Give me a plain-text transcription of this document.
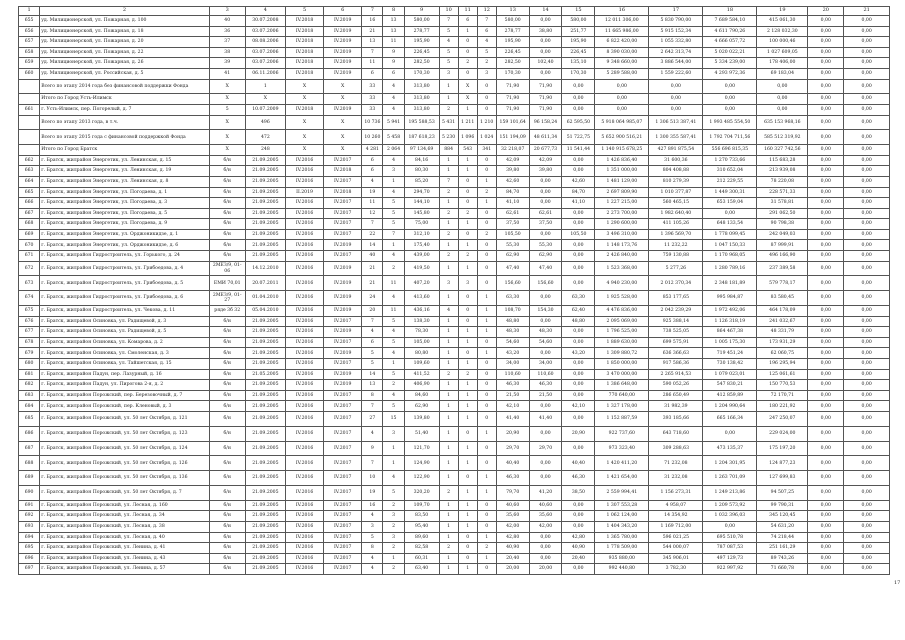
1	2	3	4	5	6	7	8	9	10	11	12	13	14	15	16	17	18	19	20	21
655	уд. Милиционерской, ул. Пожарная, д. 100	40	30.07.2008	IV.2018	IV.2019	16	13	580,00	7	6	7	580,00	0,00	580,00	12 011 306,00	5 830 790,00	7 689 584,10	415 061,30	0,00	0,00
656	уд. Милиционерской, ул. Пожарная, д. 18	36	03.07.2006	IV.2018	IV.2019	21	13	278,77	5	1	6	278,77	38,80	251,77	11 665 986,00	5 915 152,34	4 611 790,26	2 128 032,30	0,00	0,00
657	уд. Милиционерской, ул. Пожарная, д. 20	37	08.08.2006	IV.2018	IV.2019	13	11	195,90	4	0	4	195,90	0,00	195,90	6 822 420,00	1 055 332,80	4 666 057,72	100 000,46	0,00	0,00
658	уд. Милиционерской, ул. Пожарная, д. 22	38	03.07.2006	IV.2018	IV.2019	7	9	226,45	5	0	5	226,45	0,00	226,45	8 390 030,00	2 642 313,74	5 020 022,21	1 027 609,05	0,00	0,00
659	уд. Милиционерской, ул. Пожарная, д. 26	39	03.07.2006	IV.2018	IV.2019	11	9	282,50	5	2	2	282,50	102,40	135,10	9 348 660,00	3 886 544,00	5 334 239,00	178 406,00	0,00	0,00
660	уд. Милиционерской, ул. Российская, д. 5	41	06.11.2006	IV.2018	IV.2019	6	6	170,30	3	0	3	170,30	0,00	170,30	5 289 588,00	1 559 222,60	4 293 972,36	69 183,04	0,00	0,00
	Всего по этапу 2014 года без финансовой поддержки Фонда	X	1	X	X	33	4	313,80	1	X	0	71,90	71,90	0,00	0,00	0,00	0,00	0,00	0,00	0,00
	Итого по Город Усть-Илимск	X	X	X	X	33	4	313,80	1	X	0	71,90	71,90	0,00	0,00	0,00	0,00	0,00	0,00	0,00
661	г. Усть-Илимск, пер. Погорелый, д. 7	5	10.07.2009	IV.2018	IV.2019	33	4	313,80	2	1	0	71,90	71,90	0,00	0,00	0,00	0,00	0,00	0,00	0,00
	Всего по этапу 2013 года, в т.ч.	X	496	X	X	10 736	5 941	195 588,53	5 431	1 211	1 210	159 101,64	96 158,24	62 595,50	5 918 064 985,07	1 306 513 387,41	1 993 485 554,50	635 153 968,16	0,00	0,00
	Всего по этапу 2015 года с финансовой поддержкой Фонда	X	472	X	X	10 260	5 458	187 618,23	5 230	1 096	1 024	151 194,09	48 611,34	51 722,75	5 652 900 516,21	1 300 355 587,41	1 792 704 711,56	585 512 319,92	0,00	0,00
	Итого по Город Братск	X	248	X	X	4 281	2 064	97 134,69	884	543	341	32 218,07	20 677,73	11 541,44	1 140 915 678,25	427 891 875,54	556 696 815,35	160 327 742,56	0,00	0,00
662	г. Братск, жилрайон Энергетик, ул. Ленинская, д. 15	б/н	21.09.2005	IV.2016	IV.2017	6	4	84,16	1	1	0	42,09	42,09	0,00	1 426 836,40	31 600,36	1 270 733,66	115 683,28	0,00	0,00
663	г. Братск, жилрайон Энергетик, ул. Ленинская, д. 19	б/н	21.09.2005	IV.2016	IV.2018	6	3	80,30	1	1	0	39,80	39,80	0,00	1 351 000,00	804 408,88	310 652,04	213 939,08	0,00	0,00
664	г. Братск, жилрайон Энергетик, ул. Ленинская, д. 8	б/н	21.09.2005	IV.2016	IV.2017	4	1	85,20	7	0	1	42,60	0,00	42,60	1 481 129,00	810 279,39	212 229,55	78 220,08	0,00	0,00
665	г. Братск, жилрайон Энергетик, ул. Погодаева, д. 1	б/н	21.09.2005	II.2019	IV.2018	19	4	294,70	2	0	2	84,70	0,00	84,70	2 697 809,90	1 010 377,87	1 449 300,31	228 571,33	0,00	0,00
666	г. Братск, жилрайон Энергетик, ул. Погодаева, д. 3	б/н	21.09.2005	IV.2016	IV.2017	11	5	144,10	1	0	1	41,10	0,00	41,10	1 227 215,00	560 465,15	653 159,04	31 578,81	0,00	0,00
667	г. Братск, жилрайон Энергетик, ул. Погодаева, д. 5	б/н	21.09.2005	IV.2016	IV.2017	12	5	145,80	2	2	0	62,61	62,61	0,00	2 273 700,00	1 982 640,40	0,00	291 062,50	0,00	0,00
668	г. Братск, жилрайон Энергетик, ул. Погодаева, д. 9	б/н	21.09.2005	IV.2016	IV.2017	7	5	75,00	1	1	0	37,50	37,50	0,00	1 290 600,00	411 105,26	648 133,54	90 798,38	0,00	0,00
669	г. Братск, жилрайон Энергетик, ул. Орджоникидзе, д. 1	б/н	21.09.2005	IV.2016	IV.2017	22	7	312,10	2	0	2	105,50	0,00	105,50	3 496 310,00	1 396 569,70	1 778 099,45	242 049,03	0,00	0,00
670	г. Братск, жилрайон Энергетик, ул. Орджоникидзе, д. 6	б/н	21.09.2005	IV.2016	IV.2019	14	1	175,40	1	1	0	55,30	55,30	0,00	1 148 173,76	11 232,22	1 047 150,33	87 999,91	0,00	0,00
671	г. Братск, жилрайон Гидростроитель, ул. Горького, д. 24	б/н	21.09.2005	IV.2016	IV.2017	40	4	439,00	2	2	0	62,90	62,90	0,00	2 426 840,00	759 130,88	1 170 968,05	496 166,90	0,00	0,00
672	г. Братск, жилрайон Гидростроитель, ул. Грибоедова, д. 4	2МЕЗ/9, 01-06	14.12.2010	IV.2016	IV.2019	21	2	419,50	1	1	0	47,40	47,40	0,00	1 523 368,00	5 277,26	1 280 789,16	237 389,58	0,00	0,00
673	г. Братск, жилрайон Гидростроитель, ул. Грибоедова, д. 5	ЕМИ 70,01	20.07.2011	IV.2016	IV.2019	21	11	407,20	3	3	0	156,60	156,60	0,00	4 940 230,00	2 012 370,34	2 348 181,89	579 778,17	0,00	0,00
674	г. Братск, жилрайон Гидростроитель, ул. Грибоедова, д. 6	2МЕЗ/9, 01-27	01.04.2010	IV.2016	IV.2019	24	4	413,60	1	0	1	63,30	0,00	63,30	1 925 528,00	853 177,65	995 984,87	83 580,45	0,00	0,00
675	г. Братск, жилрайон Гидростроитель, ул. Чекова, д. 11	ряде 3б 32	05.04.2010	IV.2016	IV.2019	20	11	436,16	4	0	1	108,70	154,30	62,40	4 476 836,00	2 042 239,29	1 972 492,06	464 178,09	0,00	0,00
676	г. Братск, жилрайон Осиновка, ул. Радищевой, д. 3	б/н	21.09.2005	IV.2016	IV.2017	7	5	138,30	1	0	1	48,80	0,00	48,80	2 095 069,00	925 388,14	1 126 318,19	241 032,67	0,00	0,00
677	г. Братск, жилрайон Осиновка, ул. Радищевой, д. 5	б/н	21.09.2005	IV.2016	IV.2019	4	4	78,30	1	1	1	48,30	48,30	0,00	1 796 525,00	738 525,05	864 467,38	48 331,79	0,00	0,00
678	г. Братск, жилрайон Осиновка, ул. Комарова, д. 2	б/н	21.09.2005	IV.2016	IV.2017	6	5	105,00	1	1	0	54,60	54,60	0,00	1 889 630,00	699 575,91	1 005 175,30	173 931,29	0,00	0,00
679	г. Братск, жилрайон Осиновка, ул. Смоленская, д. 3	б/н	21.09.2005	IV.2016	IV.2019	5	4	80,80	1	0	1	43,20	0,00	43,20	1 309 880,72	636 366,63	719 451,24	62 060,75	0,00	0,00
680	г. Братск, жилрайон Осиновка, ул. Тайшетская, д. 15	б/н	21.09.2005	IV.2016	IV.2017	5	1	109,60	1	1	0	34,00	34,00	0,00	1 850 000,00	917 586,36	730 138,42	196 295,94	0,00	0,00
681	г. Братск, жилрайон Падун, пер. Лазурный, д. 16	б/н	21.05.2005	IV.2016	IV.2019	14	5	411,52	2	2	0	110,60	110,60	0,00	3 470 000,00	2 265 914,53	1 079 023,01	125 061,61	0,00	0,00
682	г. Братск, жилрайон Падун, ул. Пирогова 2-я, д. 2	б/н	21.09.2005	IV.2016	IV.2019	13	2	406,90	1	1	0	46,30	46,30	0,00	1 386 648,00	590 052,26	547 830,21	150 770,53	0,00	0,00
683	г. Братск, жилрайон Порожский, пер. Березовочный, д. 7	б/н	21.09.2005	IV.2016	IV.2017	8	4	84,60	1	1	0	21,50	21,50	0,00	770 640,00	286 650,49	412 859,89	72 170,71	0,00	0,00
684	г. Братск, жилрайон Порожский, пер. Кленовый, д. 3	б/н	21.09.2005	IV.2016	IV.2017	7	5	62,90	1	1	0	42,10	0,00	42,10	1 327 178,00	31 982,39	1 204 990,64	180 221,92	0,00	0,00
685	г. Братск, жилрайон Порожский, ул. 50 лет Октября, д. 121	б/н	21.09.2005	IV.2016	IV.2017	27	15	139,80	1	1	0	41,40	41,40	0,00	1 152 887,59	393 185,66	665 166,34	247 250,07	0,00	0,00
686	г. Братск, жилрайон Порожский, ул. 50 лет Октября, д. 123	б/н	21.09.2005	IV.2016	IV.2017	4	3	51,40	1	0	1	20,90	0,00	20,90	922 737,60	643 718,60	0,00	229 024,00	0,00	0,00
687	г. Братск, жилрайон Порожский, ул. 50 лет Октября, д. 124	б/н	21.09.2005	IV.2016	IV.2017	9	1	121,70	1	1	0	29,70	29,70	0,00	973 323,40	309 288,63	473 135,37	175 197,20	0,00	0,00
688	г. Братск, жилрайон Порожский, ул. 50 лет Октября, д. 126	б/н	21.09.2005	IV.2016	IV.2017	7	1	124,90	1	1	0	40,40	0,00	40,40	1 420 411,20	71 232,08	1 204 301,95	124 877,23	0,00	0,00
689	г. Братск, жилрайон Порожский, ул. 50 лет Октября, д. 136	б/н	21.09.2005	IV.2016	IV.2017	10	4	122,90	1	0	1	46,30	0,00	46,30	1 421 654,00	31 232,08	1 263 701,09	127 699,83	0,00	0,00
690	г. Братск, жилрайон Порожский, ул. 50 лет Октября, д. 7	б/н	21.09.2005	IV.2016	IV.2017	19	5	320,20	2	1	1	79,70	41,20	38,50	2 559 994,41	1 156 273,31	1 249 213,86	94 507,25	0,00	0,00
691	г. Братск, жилрайон Порожский, ул. Лесная, д. 160	б/н	21.09.2005	IV.2016	IV.2017	16	2	109,70	1	1	0	40,60	40,60	0,00	1 307 553,28	4 958,07	1 209 573,92	99 790,31	0,00	0,00
692	г. Братск, жилрайон Порожский, ул. Лесная, д. 34	б/н	21.09.2005	IV.2016	IV.2017	4	3	83,50	1	1	0	35,60	35,60	0,00	1 062 124,00	14 354,92	1 032 396,03	345 120,45	0,00	0,00
693	г. Братск, жилрайон Порожский, ул. Лесная, д. 38	б/н	21.09.2005	IV.2016	IV.2017	3	2	95,40	1	1	0	42,00	42,00	0,00	1 404 343,20	1 169 712,00	0,00	54 631,20	0,00	0,00
694	г. Братск, жилрайон Порожский, ул. Лесная, д. 40	б/н	21.09.2005	IV.2016	IV.2017	5	3	89,60	1	0	1	42,80	0,00	42,80	1 365 780,00	596 021,25	695 510,78	74 218,44	0,00	0,00
695	г. Братск, жилрайон Порожский, ул. Ленина, д. 41	б/н	21.09.2005	IV.2016	IV.2017	8	2	82,58	2	0	2	40,90	0,00	40,90	1 778 509,00	544 000,07	787 087,53	251 161,29	0,00	0,00
696	г. Братск, жилрайон Порожский, ул. Ленина, д. 43	б/н	21.09.2005	IV.2016	IV.2017	4	1	60,31	1	0	1	20,40	0,00	20,40	935 880,00	345 906,01	497 129,73	89 743,26	0,00	0,00
697	г. Братск, жилрайон Порожский, ул. Ленина, д. 57	б/н	21.09.2005	IV.2016	IV.2017	4	2	63,40	1	1	0	20,00	20,00	0,00	992 440,80	3 782,30	922 997,92	71 660,78	0,00	0,00
17
